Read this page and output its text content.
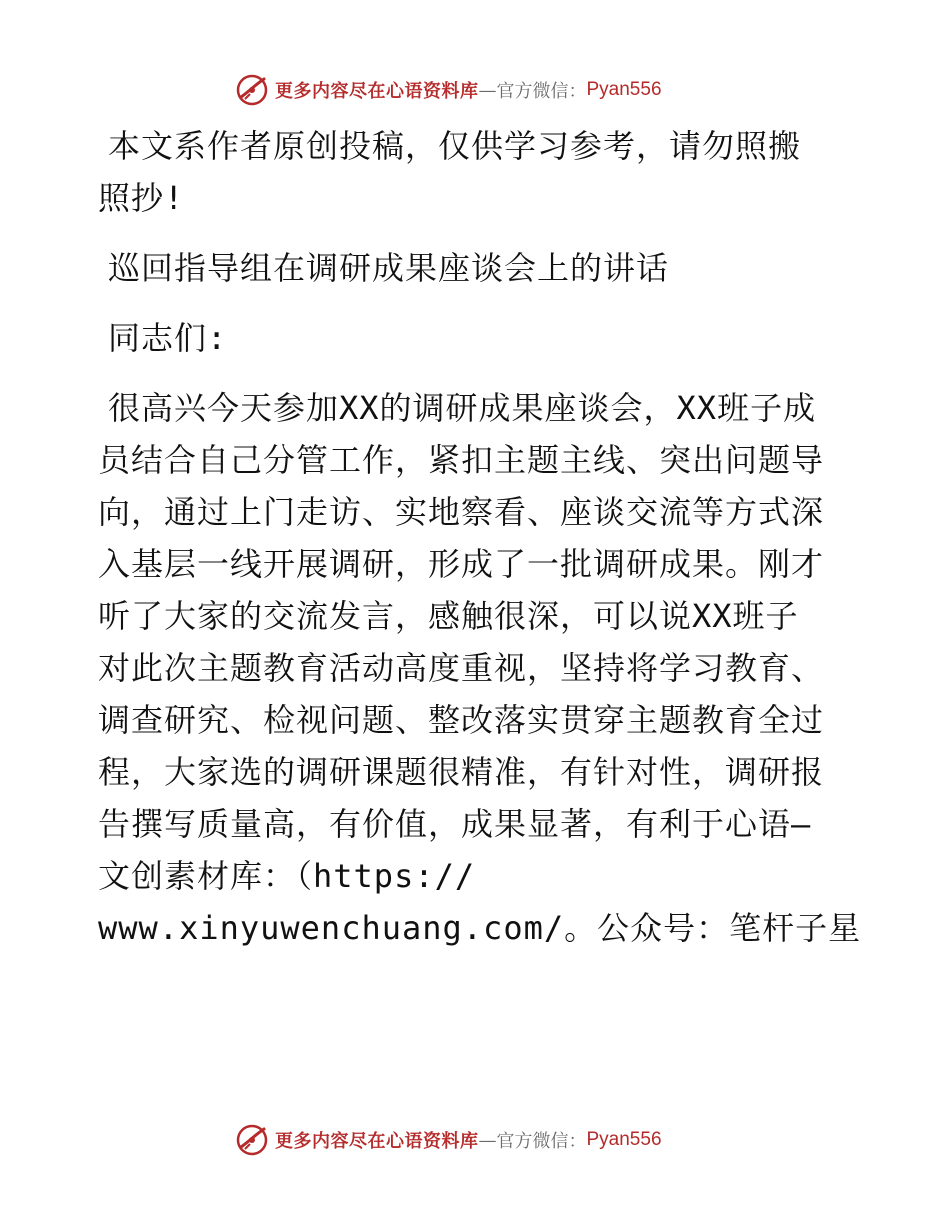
更多内容尽在心语资料库 — 官方微信： Pyan556
本文系作者原创投稿，仅供学习参考，请勿照搬
照抄!
巡回指导组在调研成果座谈会上的讲话
同志们:
很高兴今天参加XX的调研成果座谈会，XX班子成
员结合自己分管工作，紧扣主题主线、突出问题导
向，通过上门走访、实地察看、座谈交流等方式深
入基层一线开展调研，形成了一批调研成果。刚才
听了大家的交流发言，感触很深，可以说XX班子
对此次主题教育活动高度重视，坚持将学习教育、
调查研究、检视问题、整改落实贯穿主题教育全过
程，大家选的调研课题很精准，有针对性，调研报
告撰写质量高，有价值，成果显著，有利于心语—
文创素材库：（https://
www.xinyuwenchuang.com/。公众号：笔杆子星
更多内容尽在心语资料库 — 官方微信： Pyan556
